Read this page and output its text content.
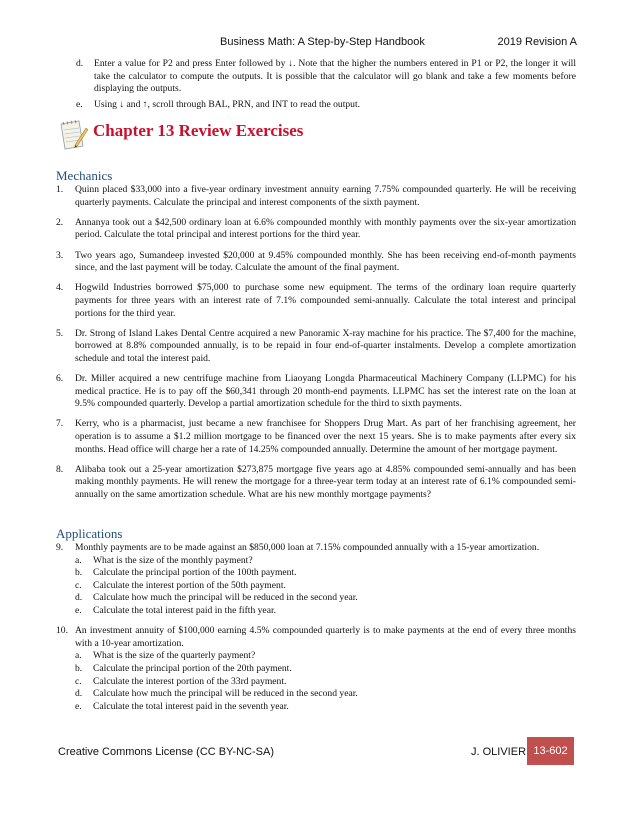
Business Math: A Step-by-Step Handbook	2019 Revision A
d. Enter a value for P2 and press Enter followed by ↓. Note that the higher the numbers entered in P1 or P2, the longer it will take the calculator to compute the outputs. It is possible that the calculator will go blank and take a few moments before displaying the outputs.
e. Using ↓ and ↑, scroll through BAL, PRN, and INT to read the output.
Chapter 13 Review Exercises
Mechanics
1. Quinn placed $33,000 into a five-year ordinary investment annuity earning 7.75% compounded quarterly. He will be receiving quarterly payments. Calculate the principal and interest components of the sixth payment.
2. Annanya took out a $42,500 ordinary loan at 6.6% compounded monthly with monthly payments over the six-year amortization period. Calculate the total principal and interest portions for the third year.
3. Two years ago, Sumandeep invested $20,000 at 9.45% compounded monthly. She has been receiving end-of-month payments since, and the last payment will be today. Calculate the amount of the final payment.
4. Hogwild Industries borrowed $75,000 to purchase some new equipment. The terms of the ordinary loan require quarterly payments for three years with an interest rate of 7.1% compounded semi-annually. Calculate the total interest and principal portions for the third year.
5. Dr. Strong of Island Lakes Dental Centre acquired a new Panoramic X-ray machine for his practice. The $7,400 for the machine, borrowed at 8.8% compounded annually, is to be repaid in four end-of-quarter instalments. Develop a complete amortization schedule and total the interest paid.
6. Dr. Miller acquired a new centrifuge machine from Liaoyang Longda Pharmaceutical Machinery Company (LLPMC) for his medical practice. He is to pay off the $60,341 through 20 month-end payments. LLPMC has set the interest rate on the loan at 9.5% compounded quarterly. Develop a partial amortization schedule for the third to sixth payments.
7. Kerry, who is a pharmacist, just became a new franchisee for Shoppers Drug Mart. As part of her franchising agreement, her operation is to assume a $1.2 million mortgage to be financed over the next 15 years. She is to make payments after every six months. Head office will charge her a rate of 14.25% compounded annually. Determine the amount of her mortgage payment.
8. Alibaba took out a 25-year amortization $273,875 mortgage five years ago at 4.85% compounded semi-annually and has been making monthly payments. He will renew the mortgage for a three-year term today at an interest rate of 6.1% compounded semi-annually on the same amortization schedule. What are his new monthly mortgage payments?
Applications
9. Monthly payments are to be made against an $850,000 loan at 7.15% compounded annually with a 15-year amortization.
a. What is the size of the monthly payment?
b. Calculate the principal portion of the 100th payment.
c. Calculate the interest portion of the 50th payment.
d. Calculate how much the principal will be reduced in the second year.
e. Calculate the total interest paid in the fifth year.
10. An investment annuity of $100,000 earning 4.5% compounded quarterly is to make payments at the end of every three months with a 10-year amortization.
a. What is the size of the quarterly payment?
b. Calculate the principal portion of the 20th payment.
c. Calculate the interest portion of the 33rd payment.
d. Calculate how much the principal will be reduced in the second year.
e. Calculate the total interest paid in the seventh year.
Creative Commons License (CC BY-NC-SA)	J. OLIVIER 13-602
